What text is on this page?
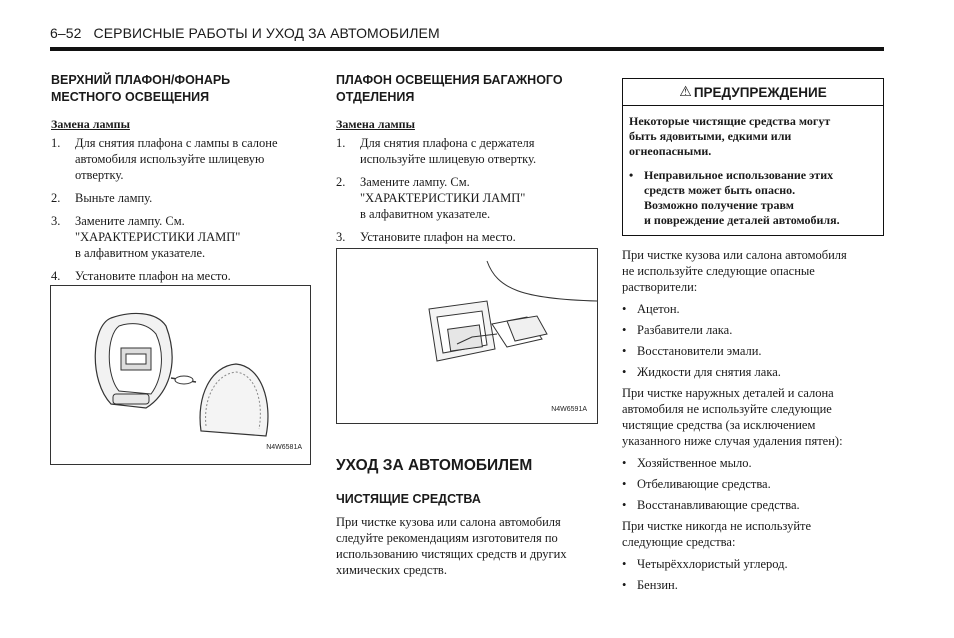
6–52 СЕРВИСНЫЕ РАБОТЫ И УХОД ЗА АВТОМОБИЛЕМ
ВЕРХНИЙ ПЛАФОН/ФОНАРЬ
МЕСТНОГО ОСВЕЩЕНИЯ
Замена лампы
1. Для снятия плафона с лампы в салоне
автомобиля используйте шлицевую
отвертку.
2. Выньте лампу.
3. Замените лампу. См.
"ХАРАКТЕРИСТИКИ ЛАМП"
в алфавитном указателе.
4. Установите плафон на место.
N4W6581A
ПЛАФОН ОСВЕЩЕНИЯ БАГАЖНОГО
ОТДЕЛЕНИЯ
Замена лампы
1. Для снятия плафона с держателя
используйте шлицевую отвертку.
2. Замените лампу. См.
"ХАРАКТЕРИСТИКИ ЛАМП"
в алфавитном указателе.
3. Установите плафон на место.
N4W6591A
УХОД ЗА АВТОМОБИЛЕМ
ЧИСТЯЩИЕ СРЕДСТВА
При чистке кузова или салона автомобиля
следуйте рекомендациям изготовителя по
использованию чистящих средств и других
химических средств.
⚠ ПРЕДУПРЕЖДЕНИЕ
Некоторые чистящие средства могут
быть ядовитыми, едкими или
огнеопасными.
• Неправильное использование этих
средств может быть опасно.
Возможно получение травм
и повреждение деталей автомобиля.
При чистке кузова или салона автомобиля
не используйте следующие опасные
растворители:
• Ацетон.
• Разбавители лака.
• Восстановители эмали.
• Жидкости для снятия лака.
При чистке наружных деталей и салона
автомобиля не используйте следующие
чистящие средства (за исключением
указанного ниже случая удаления пятен):
• Хозяйственное мыло.
• Отбеливающие средства.
• Восстанавливающие средства.
При чистке никогда не используйте
следующие средства:
• Четырёххлористый углерод.
• Бензин.
